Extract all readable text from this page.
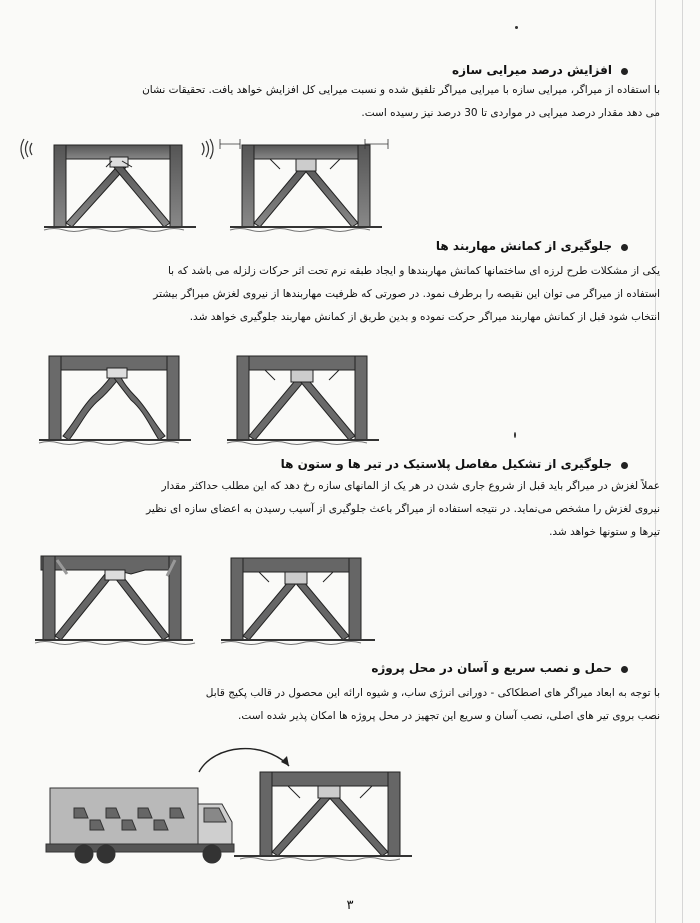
افزایش درصد میرایی سازه
با استفاده از میراگر، میرایی سازه با میرایی میراگر تلفیق شده و نسبت میرایی کل افزایش خواهد یافت. تحقیقات نشان
می دهد مقدار درصد میرایی در مواردی تا 30 درصد نیز رسیده است.
جلوگیری از کمانش مهاربند ها
یکی از مشکلات طرح لرزه ای ساختمانها کمانش مهاربندها و ایجاد طبقه نرم تحت اثر حرکات زلزله می باشد که با
استفاده از میراگر می توان این نقیصه را برطرف نمود. در صورتی که ظرفیت مهاربندها از نیروی لغزش میراگر بیشتر
انتخاب شود قبل از کمانش مهاربند میراگر حرکت نموده و بدین طریق از کمانش مهاربند جلوگیری خواهد شد.
جلوگیری از تشکیل مفاصل پلاستیک در تیر ها و ستون ها
عملاً لغزش در میراگر باید قبل از شروع جاری شدن در هر یک از المانهای سازه رخ دهد که این مطلب حداکثر مقدار
نیروی لغزش را مشخص می‌نماید. در نتیجه استفاده از میراگر باعث جلوگیری از آسیب رسیدن به اعضای سازه ای نظیر
تیرها و ستونها خواهد شد.
حمل و نصب سریع و آسان در محل پروژه
با توجه به ابعاد میراگر های اصطکاکی - دورانی انرژی ساب، و شیوه ارائه این محصول در قالب پکیج قابل
نصب بروی تیر های اصلی، نصب آسان و سریع این تجهیز در محل پروژه ها امکان پذیر شده است.
۳
